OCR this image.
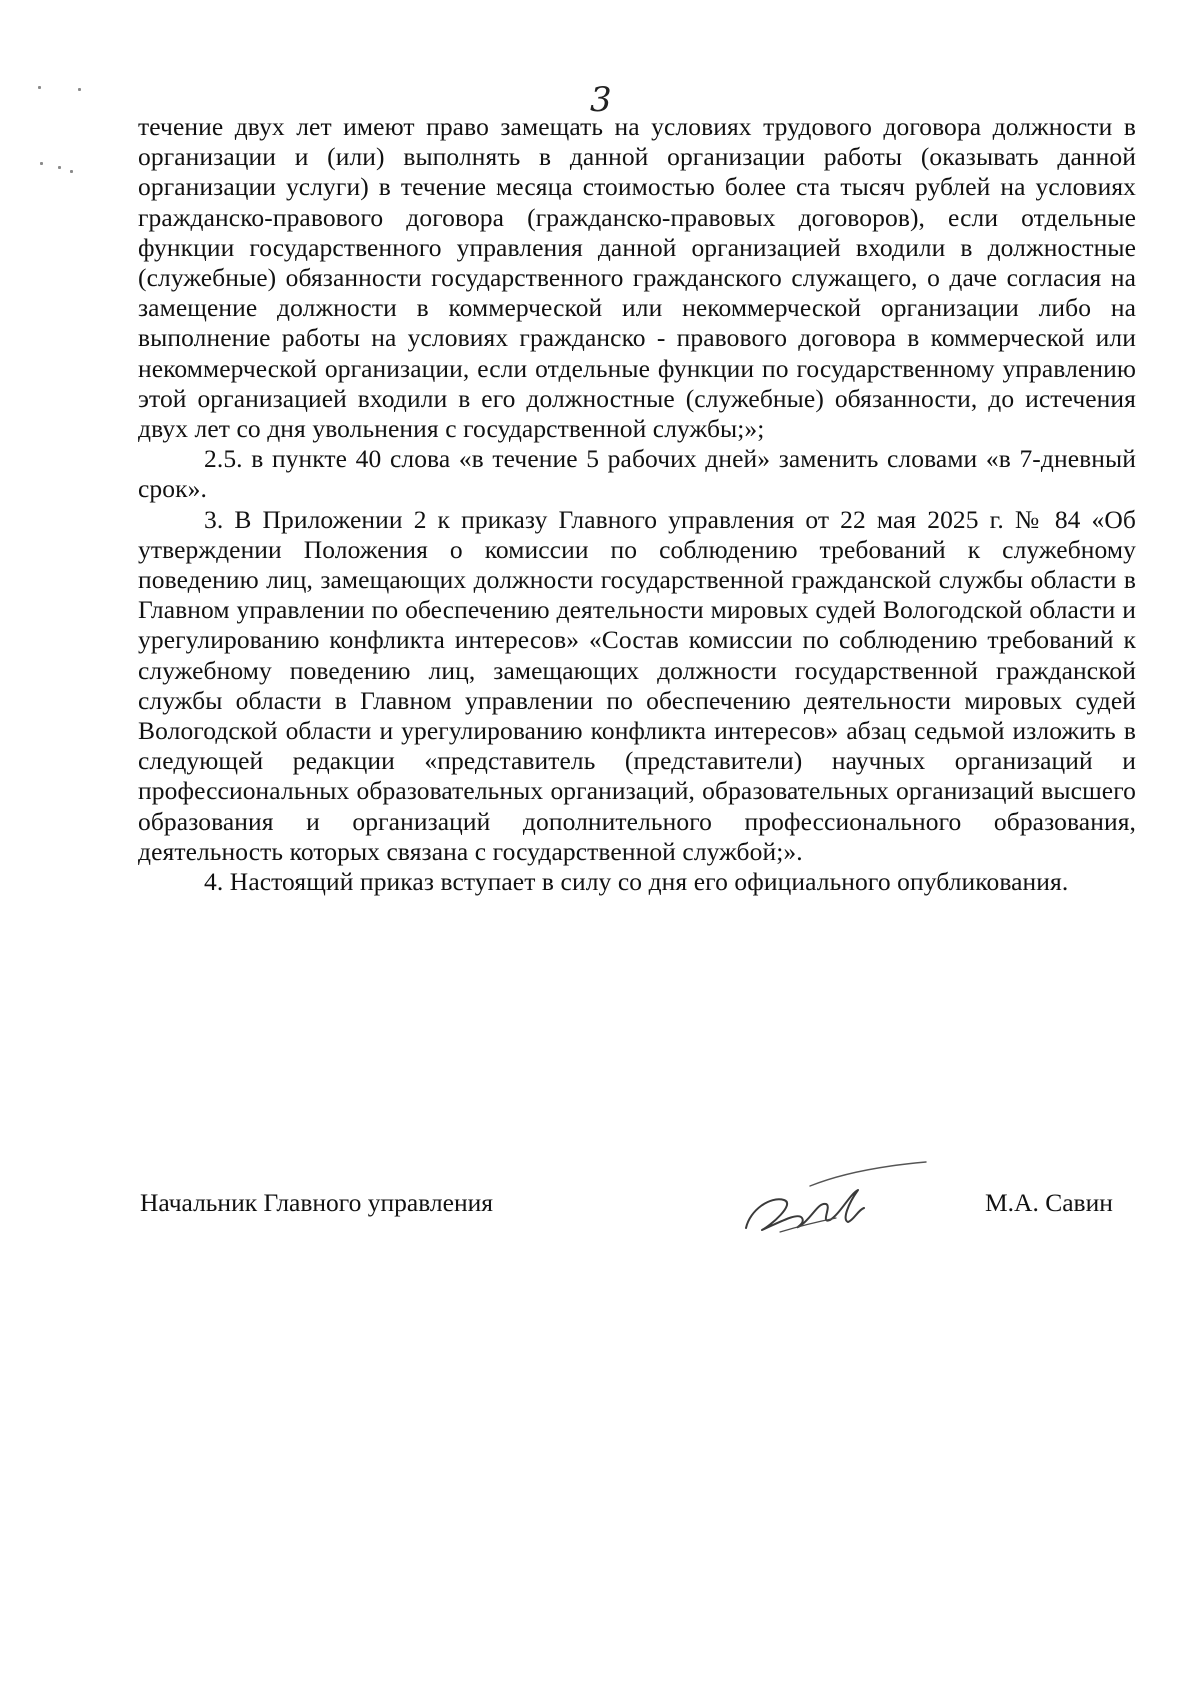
3

течение двух лет имеют право замещать на условиях трудового договора должности в организации и (или) выполнять в данной организации работы (оказывать данной организации услуги) в течение месяца стоимостью более ста тысяч рублей на условиях гражданско-правового договора (гражданско-правовых договоров), если отдельные функции государственного управления данной организацией входили в должностные (служебные) обязанности государственного гражданского служащего, о даче согласия на замещение должности в коммерческой или некоммерческой организации либо на выполнение работы на условиях гражданско - правового договора в коммерческой или некоммерческой организации, если отдельные функции по государственному управлению этой организацией входили в его должностные (служебные) обязанности, до истечения двух лет со дня увольнения с государственной службы;»;

2.5. в пункте 40 слова «в течение 5 рабочих дней» заменить словами «в 7-дневный срок».

3. В Приложении 2 к приказу Главного управления от 22 мая 2025 г. № 84 «Об утверждении Положения о комиссии по соблюдению требований к служебному поведению лиц, замещающих должности государственной гражданской службы области в Главном управлении по обеспечению деятельности мировых судей Вологодской области и урегулированию конфликта интересов» «Состав комиссии по соблюдению требований к служебному поведению лиц, замещающих должности государственной гражданской службы области в Главном управлении по обеспечению деятельности мировых судей Вологодской области и урегулированию конфликта интересов» абзац седьмой изложить в следующей редакции «представитель (представители) научных организаций и профессиональных образовательных организаций, образовательных организаций высшего образования и организаций дополнительного профессионального образования, деятельность которых связана с государственной службой;».

4. Настоящий приказ вступает в силу со дня его официального опубликования.

Начальник Главного управления	М.А. Савин
